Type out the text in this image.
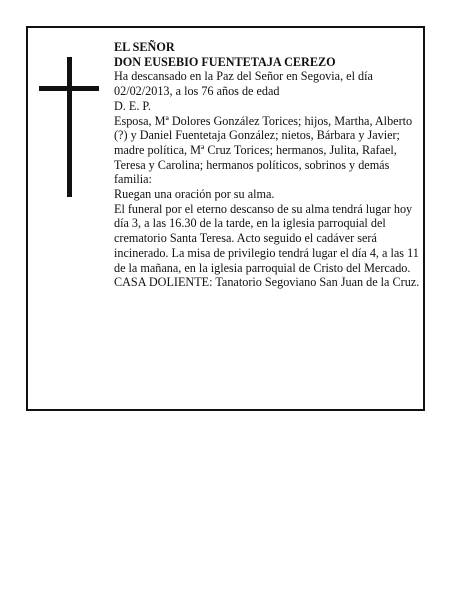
EL SEÑOR

DON EUSEBIO FUENTETAJA CEREZO

Ha descansado en la Paz del Señor en Segovia, el día 02/02/2013, a los 76 años de edad

D. E. P.

Esposa, Mª Dolores González Torices; hijos, Martha, Alberto (?) y Daniel Fuentetaja González; nietos, Bárbara y Javier; madre política, Mª Cruz Torices; hermanos, Julita, Rafael, Teresa y Carolina; hermanos políticos, sobrinos y demás familia:

Ruegan una oración por su alma.

El funeral por el eterno descanso de su alma tendrá lugar hoy día 3, a las 16.30 de la tarde, en la iglesia parroquial del crematorio Santa Teresa. Acto seguido el cadáver será incinerado. La misa de privilegio tendrá lugar el día 4, a las 11 de la mañana, en la iglesia parroquial de Cristo del Mercado.

CASA DOLIENTE: Tanatorio Segoviano San Juan de la Cruz.
